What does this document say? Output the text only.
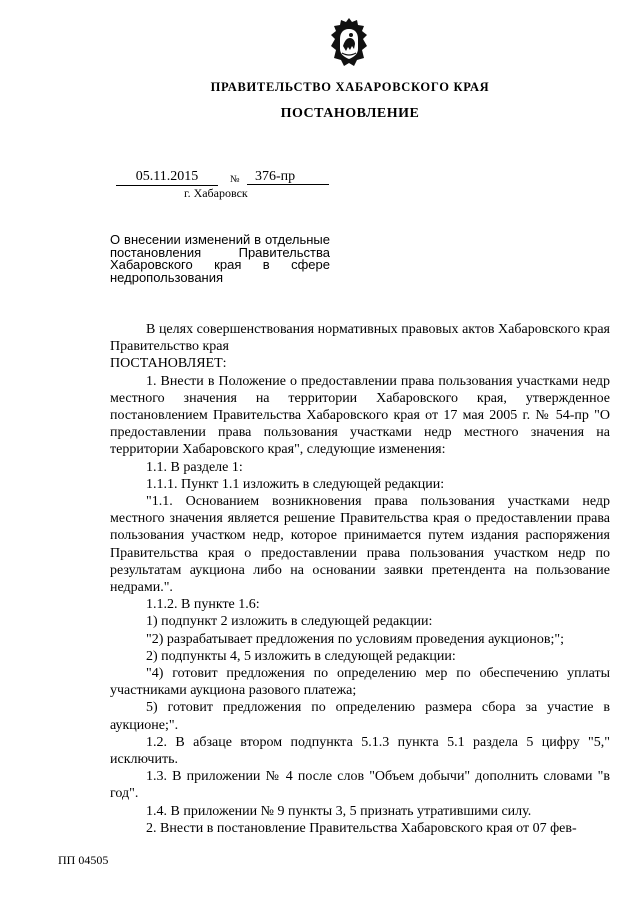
ПРАВИТЕЛЬСТВО ХАБАРОВСКОГО КРАЯ
ПОСТАНОВЛЕНИЕ
05.11.2015	№	376-пр
г. Хабаровск
О внесении изменений в отдельные постановления Правительства Хабаровского края в сфере недропользования

В целях совершенствования нормативных правовых актов Хабаровского края Правительство края

ПОСТАНОВЛЯЕТ:

1. Внести в Положение о предоставлении права пользования участками недр местного значения на территории Хабаровского края, утвержденное постановлением Правительства Хабаровского края от 17 мая 2005 г. № 54-пр "О предоставлении права пользования участками недр местного значения на территории Хабаровского края", следующие изменения:

1.1. В разделе 1:

1.1.1. Пункт 1.1 изложить в следующей редакции:

"1.1. Основанием возникновения права пользования участками недр местного значения является решение Правительства края о предоставлении права пользования участком недр, которое принимается путем издания распоряжения Правительства края о предоставлении права пользования участком недр по результатам аукциона либо на основании заявки претендента на пользование недрами.".

1.1.2. В пункте 1.6:

1) подпункт 2 изложить в следующей редакции:

"2) разрабатывает предложения по условиям проведения аукционов;";

2) подпункты 4, 5 изложить в следующей редакции:

"4) готовит предложения по определению мер по обеспечению уплаты участниками аукциона разового платежа;

5) готовит предложения по определению размера сбора за участие в аукционе;".

1.2. В абзаце втором подпункта 5.1.3 пункта 5.1 раздела 5 цифру "5," исключить.

1.3. В приложении № 4 после слов "Объем добычи" дополнить словами "в год".

1.4. В приложении № 9 пункты 3, 5 признать утратившими силу.

2. Внести в постановление Правительства Хабаровского края от 07 фев-

ПП 04505
